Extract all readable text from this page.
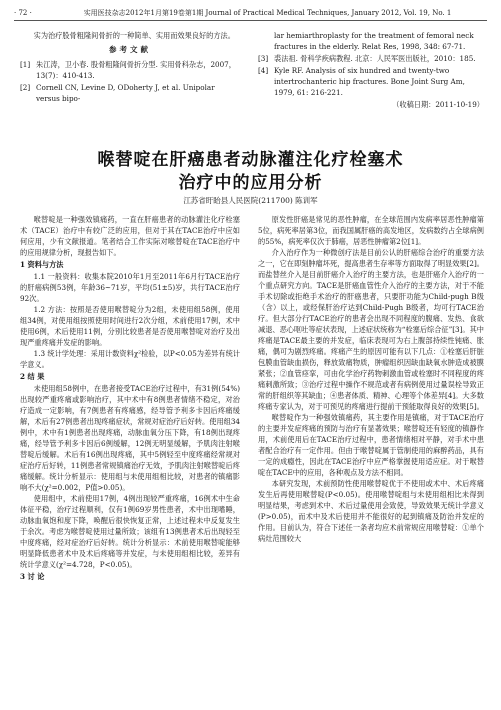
· 72 ·	实用医技杂志2012年1月第19卷第1期 Journal of Practical Medical Techniques, January 2012, Vol. 19, No. 1

实为治疗股骨粗隆间骨折的一种简单、实用而效果良好的方法。

参考文献

[1] 朱江涛，卫小春. 股骨粗隆间骨折分型. 实用骨科杂志，2007，13(7)：410-413.

[2] Cornell CN, Levine D, ODoherty J, et al. Unipolar versus bipo-

lar hemiarthroplasty for the treatment of femoral neck fractures in the elderly. Relat Res, 1998, 348: 67-71.

[3] 裘法祖. 骨科学疾病教程. 北京：人民军医出版社，2010：185.

[4] Kyle RF. Analysis of six hundred and twenty-two intertrochanteric hip fractures. Bone Joint Surg Am, 1979, 61: 216-221.

（收稿日期：2011-10-19）
喉替啶在肝癌患者动脉灌注化疗栓塞术
治疗中的应用分析
江苏省盱眙县人民医院(211700) 陈训军

喉替啶是一种强效镇痛药，一直在肝癌患者的动脉灌注化疗栓塞术（TACE）治疗中有较广泛的应用，但对于其在TACE治疗中应如何应用，少有文献报道。笔者结合工作实际对喉替啶在TACE治疗中的应用规律分析，现报告如下。

1 资料与方法

1.1 一般资料：收集本院2010年1月至2011年6月行TACE治疗的肝癌病例53例，年龄36~71岁，平均(51±5)岁，共行TACE治疗92次。

1.2 方法：按照是否使用喉替啶分为2组，未使用组58例，使用组34例，对使用组按照使用时间进行2次分组，术前使用17例，术中使用6例，术后使用11例，分别比较患者是否使用喉替啶对治疗及出现严重疼痛并发症的影响。

1.3 统计学处理：采用计数资料χ²检验，以P<0.05为差异有统计学意义。

2 结 果

未使用组58例中，在患者接受TACE治疗过程中，有31例(54%)出现较严重疼痛或影响治疗，其中术中有8例患者情绪不稳定，对治疗造成一定影响，有7例患者有疼痛感，经导管予利多卡因后疼痛缓解，术后有27例患者出现疼痛症状，常规对症治疗后好转。使用组34例中，术中有1例患者出现疼痛，动脉血氧分压下降，有18例出现疼痛，经导管予利多卡因后6例缓解，12例无明显缓解，予肌肉注射喉替啶后缓解。术后有16例出现疼痛，其中5例轻至中度疼痛经常规对症治疗后好转，11例患者常规镇痛治疗无效，予肌肉注射喉替啶后疼痛缓解。统计分析显示：使用组与未使用组相比较，对患者的镇痛影响不大(χ²=0.002，P值>0.05)。

使用组中，术前使用17例，4例出现较严重疼痛，16例术中生命体征平稳，治疗过程顺利，仅有1例69岁男性患者，术中出现嗜睡，动脉血氧饱和度下降，唤醒后很快恢复正常，上述过程未中反复发生于余次。考虑为喉替啶使用过量所致；该组有13例患者术后出现轻至中度疼痛，经对症治疗后好转。统计分析显示：术前使用喉替啶能够明显降低患者术中及术后疼痛等并发症，与未使用组相比较，差异有统计学意义(χ²=4.728，P<0.05)。

3 讨 论

原发性肝癌是常见的恶性肿瘤，在全球范围内发病率居恶性肿瘤第5位，病死率居第3位，而我国属肝癌的高发地区，发病数约占全球病例的55%，病死率仅次于肺癌，居恶性肿瘤第2位[1]。

介入治疗作为一种微创疗法是目前公认的肝癌综合治疗的重要方法之一，它在即刻肿瘤坏死，提高患者生存率等方面取得了明显效果[2]。而盐替丝介入是目前肝癌介入治疗的主要方法，也是肝癌介入治疗的一个重点研究方向。TACE是肝癌血管性介入治疗的主要方法，对于不能手术切除或拒绝手术治疗的肝癌患者，只要肝功能为Child-pugh B级（含）以上，或经保肝治疗达到Child-Pugh B级者，均可行TACE治疗。但大部分行TACE治疗的患者会出现不同程度的腹痛、发热、食欲减退、恶心呕吐等症状表现，上述症状统称为“栓塞后综合征”[3]。其中疼痛是TACE最主要的并发症，临床表现可为右上腹部持续性钝痛、胀痛，偶可为剧烈疼痛。疼痛产生的原因可能有以下几点：①栓塞后肝脏包膜血管缺血损伤，释放致痛物质，肿瘤组织因缺血缺氧水肿造成被膜紧张；②血管痉挛，可由化学治疗药物刺激血管或栓塞时不同程度的疼痛刺激所致；③治疗过程中操作不规范或者有病例使用过量误栓导致正常的肝组织等其缺血；④患者体质、精神、心理等个体差异[4]。大多数疼痛专家认为，对于可预见的疼痛进行提前干预能取得良好的效果[5]。

喉替啶作为一种强效镇痛药，其主要作用是镇痛，对于TACE治疗的主要并发症疼痛的预防与治疗有显著效果；喉替啶还有轻度的镇静作用，术前使用后在TACE治疗过程中，患者情绪相对平静，对手术中患者配合治疗有一定作用。但由于喉替啶属于管制使用的麻醉药品，具有一定的成瘾性，因此在TACE治疗中应严格掌握使用适应症。对于喉替啶在TACE中的应用，各种观点及方法不相同。

本研究发现，术前预防性使用喉替啶优于不使用或术中、术后疼痛发生后再使用喉替啶(P<0.05)。使用喉替啶组与未使用组相比未得到明显结果，考虑到术中、术后过量使用会致使，导致效果无统计学意义(P>0.05)，而术中及术后使用并不能很好的起到镇痛及防治并发症的作用。目前认为，符合下述任一条者均应术前常规应用喉替啶：①单个病灶范围较大
